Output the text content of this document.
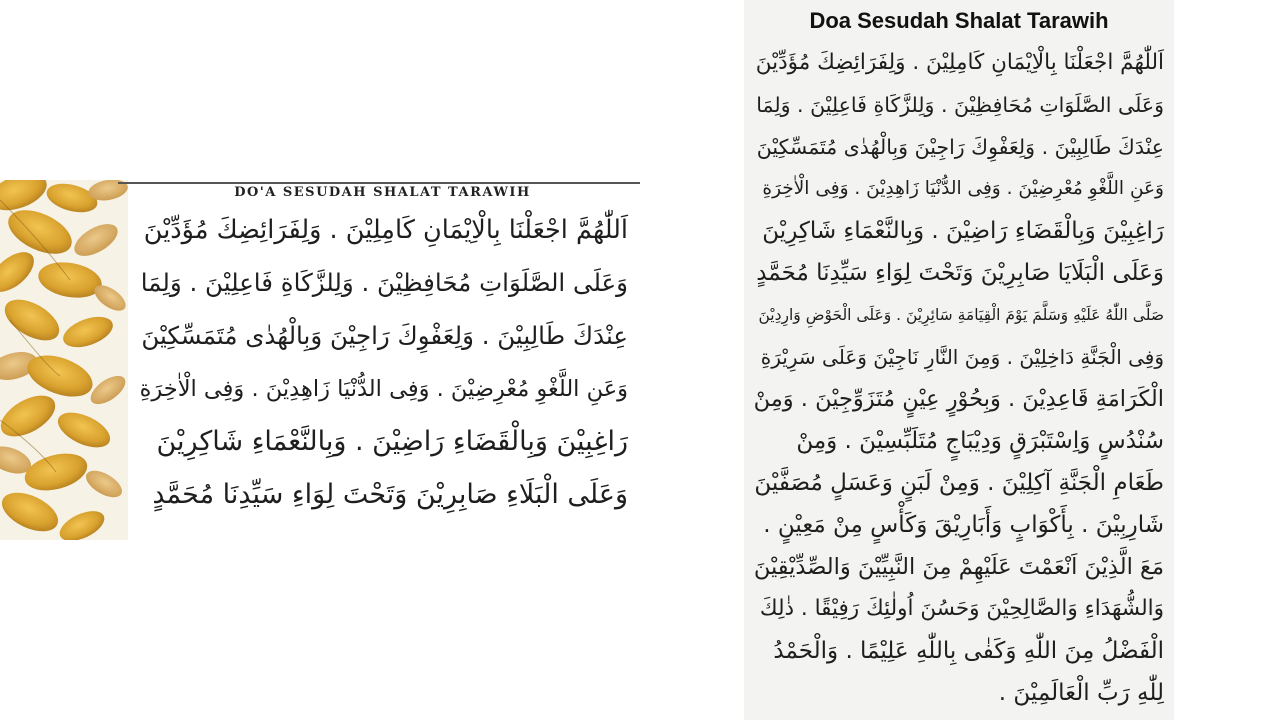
DO'A SESUDAH SHALAT TARAWIH
اَللّٰهُمَّ اجْعَلْنَا بِالْاِيْمَانِ كَامِلِيْنَ . وَلِفَرَائِضِكَ مُؤَدِّيْنَ
وَعَلَى الصَّلَوَاتِ مُحَافِظِيْنَ . وَلِلزَّكَاةِ فَاعِلِيْنَ . وَلِمَا
عِنْدَكَ طَالِبِيْنَ . وَلِعَفْوِكَ رَاجِيْنَ وَبِالْهُدٰى مُتَمَسِّكِيْنَ
وَعَنِ اللَّغْوِ مُعْرِضِيْنَ . وَفِى الدُّنْيَا زَاهِدِيْنَ . وَفِى الْاٰخِرَةِ
رَاغِبِيْنَ وَبِالْقَضَاءِ رَاضِيْنَ . وَبِالنَّعْمَاءِ شَاكِرِيْنَ
وَعَلَى الْبَلَاءِ صَابِرِيْنَ وَتَحْتَ لِوَاءِ سَيِّدِنَا مُحَمَّدٍ
Doa Sesudah Shalat Tarawih
اَللّٰهُمَّ اجْعَلْنَا بِالْاِيْمَانِ كَامِلِيْنَ . وَلِفَرَائِضِكَ مُؤَدِّيْنَ
وَعَلَى الصَّلَوَاتِ مُحَافِظِيْنَ . وَلِلزَّكَاةِ فَاعِلِيْنَ . وَلِمَا
عِنْدَكَ طَالِبِيْنَ . وَلِعَفْوِكَ رَاجِيْنَ وَبِالْهُدٰى مُتَمَسِّكِيْنَ
وَعَنِ اللَّغْوِ مُعْرِضِيْنَ . وَفِى الدُّنْيَا زَاهِدِيْنَ . وَفِى الْاٰخِرَةِ
رَاغِبِيْنَ وَبِالْقَضَاءِ رَاضِيْنَ . وَبِالنَّعْمَاءِ شَاكِرِيْنَ
وَعَلَى الْبَلَايَا صَابِرِيْنَ وَتَحْتَ لِوَاءِ سَيِّدِنَا مُحَمَّدٍ
صَلَّى اللّٰهُ عَلَيْهِ وَسَلَّمَ يَوْمَ الْقِيَامَةِ سَائِرِيْنَ . وَعَلَى الْحَوْضِ وَارِدِيْنَ
وَفِى الْجَنَّةِ دَاخِلِيْنَ . وَمِنَ النَّارِ نَاجِيْنَ وَعَلَى سَرِيْرَةِ
الْكَرَامَةِ قَاعِدِيْنَ . وَبِحُوْرٍ عِيْنٍ مُتَزَوِّجِيْنَ . وَمِنْ
سُنْدُسٍ وَاِسْتَبْرَقٍ وَدِيْبَاجٍ مُتَلَبِّسِيْنَ . وَمِنْ
طَعَامِ الْجَنَّةِ آكِلِيْنَ . وَمِنْ لَبَنٍ وَعَسَلٍ مُصَفَّيْنَ
شَارِبِيْنَ . بِأَكْوَابٍ وَأَبَارِيْقَ وَكَأْسٍ مِنْ مَعِيْنٍ .
مَعَ الَّذِيْنَ اَنْعَمْتَ عَلَيْهِمْ مِنَ النَّبِيِّيْنَ وَالصِّدِّيْقِيْنَ
وَالشُّهَدَاءِ وَالصَّالِحِيْنَ وَحَسُنَ اُولٰئِكَ رَفِيْقًا . ذٰلِكَ
الْفَضْلُ مِنَ اللّٰهِ وَكَفٰى بِاللّٰهِ عَلِيْمًا . وَالْحَمْدُ
لِلّٰهِ رَبِّ الْعَالَمِيْنَ .
